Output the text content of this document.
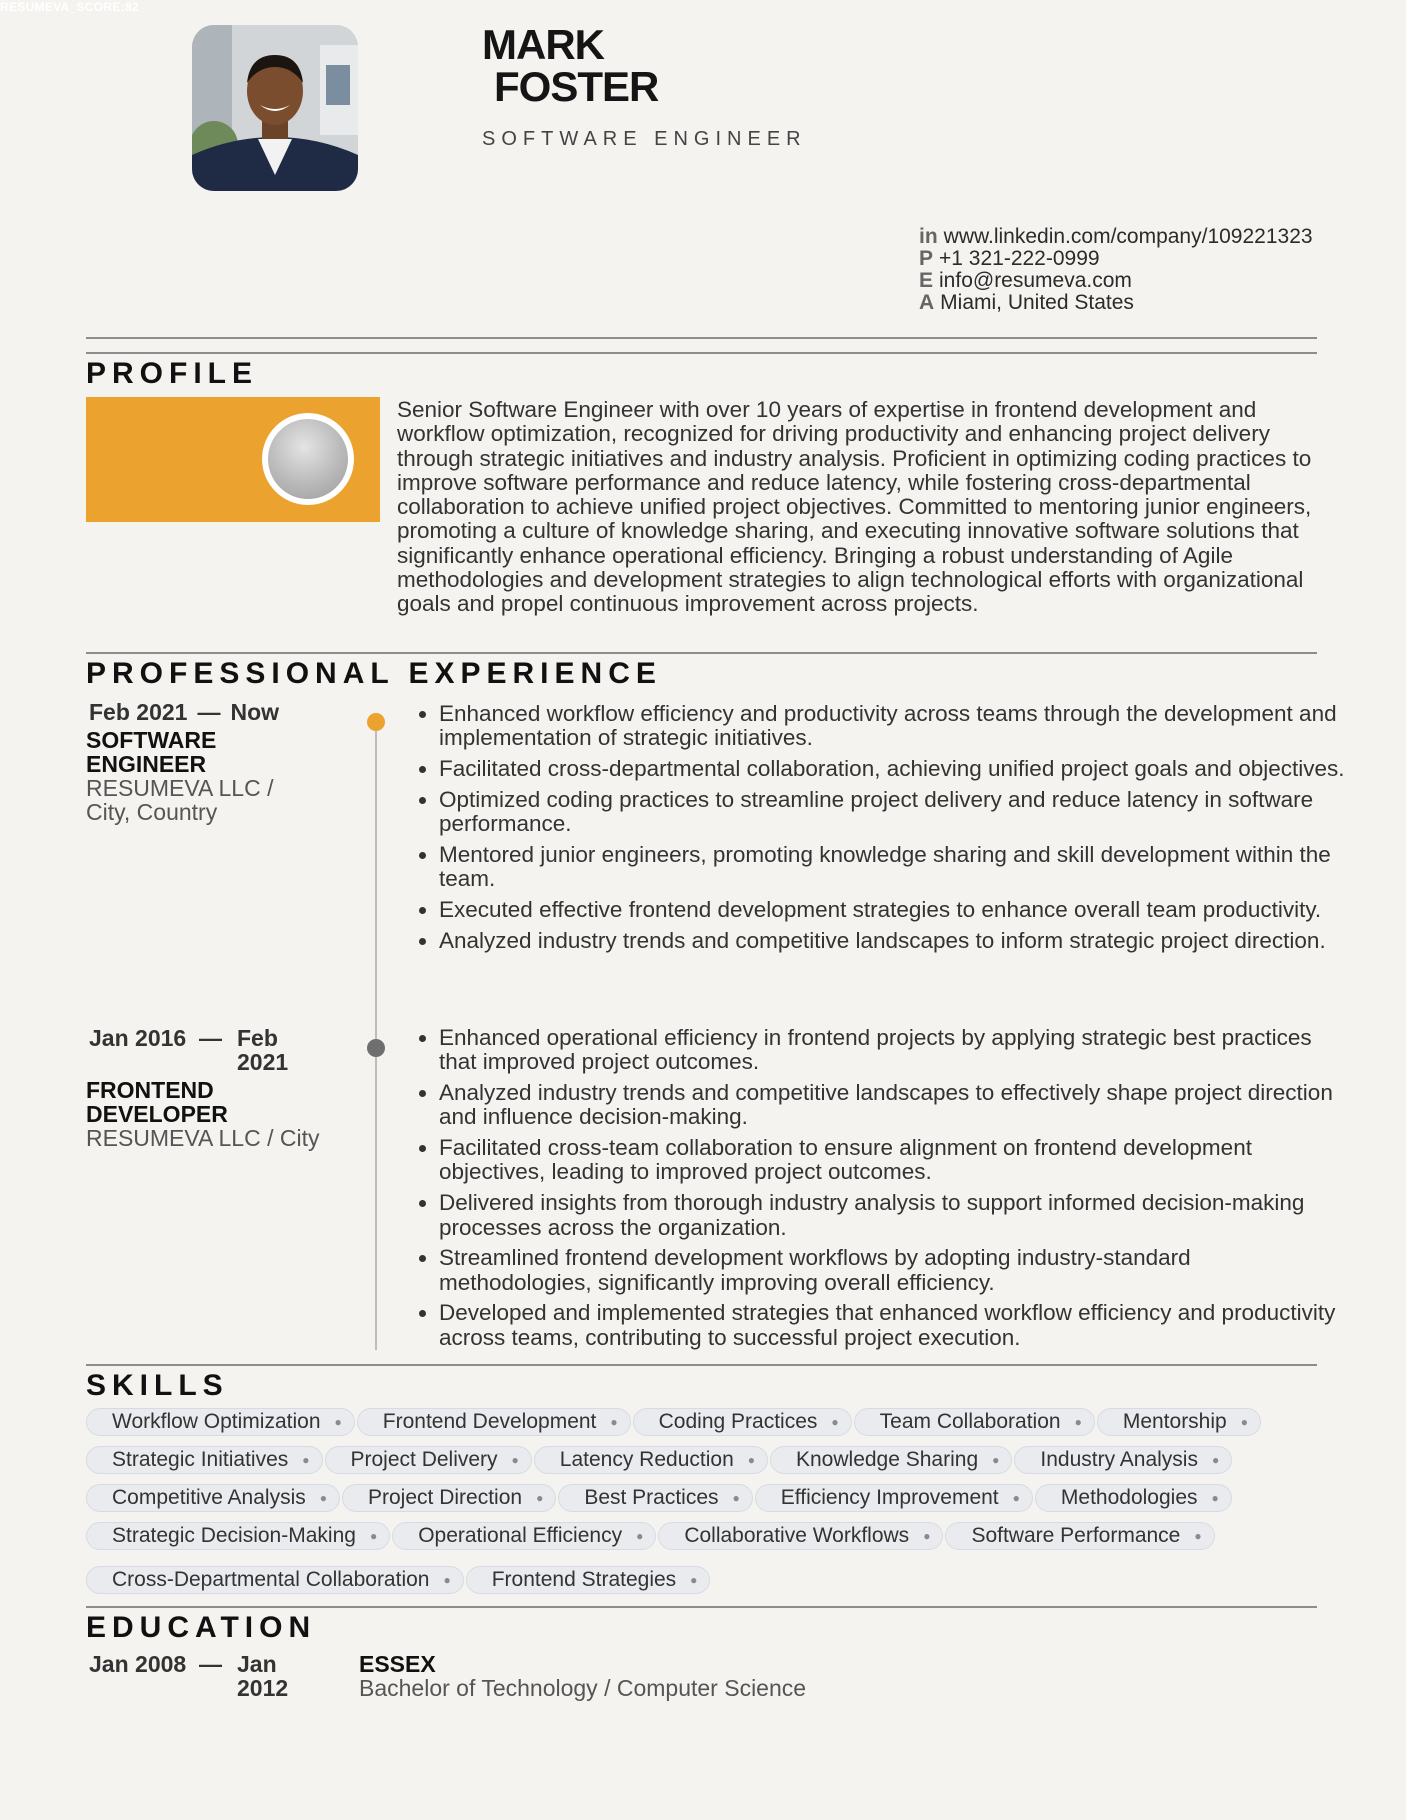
RESUMEVA_SCORE:82
MARK
FOSTER
SOFTWARE ENGINEER
in www.linkedin.com/company/109221323
P +1 321-222-0999
E info@resumeva.com
A Miami, United States
PROFILE
Senior Software Engineer with over 10 years of expertise in frontend development and workflow optimization, recognized for driving productivity and enhancing project delivery through strategic initiatives and industry analysis. Proficient in optimizing coding practices to improve software performance and reduce latency, while fostering cross-departmental collaboration to achieve unified project objectives. Committed to mentoring junior engineers, promoting a culture of knowledge sharing, and executing innovative software solutions that significantly enhance operational efficiency. Bringing a robust understanding of Agile methodologies and development strategies to align technological efforts with organizational goals and propel continuous improvement across projects.
PROFESSIONAL EXPERIENCE
Feb 2021 — Now
SOFTWARE ENGINEER
RESUMEVA LLC / City, Country
• Enhanced workflow efficiency and productivity across teams through the development and implementation of strategic initiatives.
• Facilitated cross-departmental collaboration, achieving unified project goals and objectives.
• Optimized coding practices to streamline project delivery and reduce latency in software performance.
• Mentored junior engineers, promoting knowledge sharing and skill development within the team.
• Executed effective frontend development strategies to enhance overall team productivity.
• Analyzed industry trends and competitive landscapes to inform strategic project direction.
Jan 2016 — Feb 2021
FRONTEND DEVELOPER
RESUMEVA LLC / City
• Enhanced operational efficiency in frontend projects by applying strategic best practices that improved project outcomes.
• Analyzed industry trends and competitive landscapes to effectively shape project direction and influence decision-making.
• Facilitated cross-team collaboration to ensure alignment on frontend development objectives, leading to improved project outcomes.
• Delivered insights from thorough industry analysis to support informed decision-making processes across the organization.
• Streamlined frontend development workflows by adopting industry-standard methodologies, significantly improving overall efficiency.
• Developed and implemented strategies that enhanced workflow efficiency and productivity across teams, contributing to successful project execution.
SKILLS
Workflow Optimization ● Frontend Development ● Coding Practices ● Team Collaboration ● Mentorship ●
Strategic Initiatives ● Project Delivery ● Latency Reduction ● Knowledge Sharing ● Industry Analysis ●
Competitive Analysis ● Project Direction ● Best Practices ● Efficiency Improvement ● Methodologies ●
Strategic Decision-Making ● Operational Efficiency ● Collaborative Workflows ● Software Performance ●
Cross-Departmental Collaboration ● Frontend Strategies ●
EDUCATION
Jan 2008 — Jan 2012
ESSEX
Bachelor of Technology / Computer Science
